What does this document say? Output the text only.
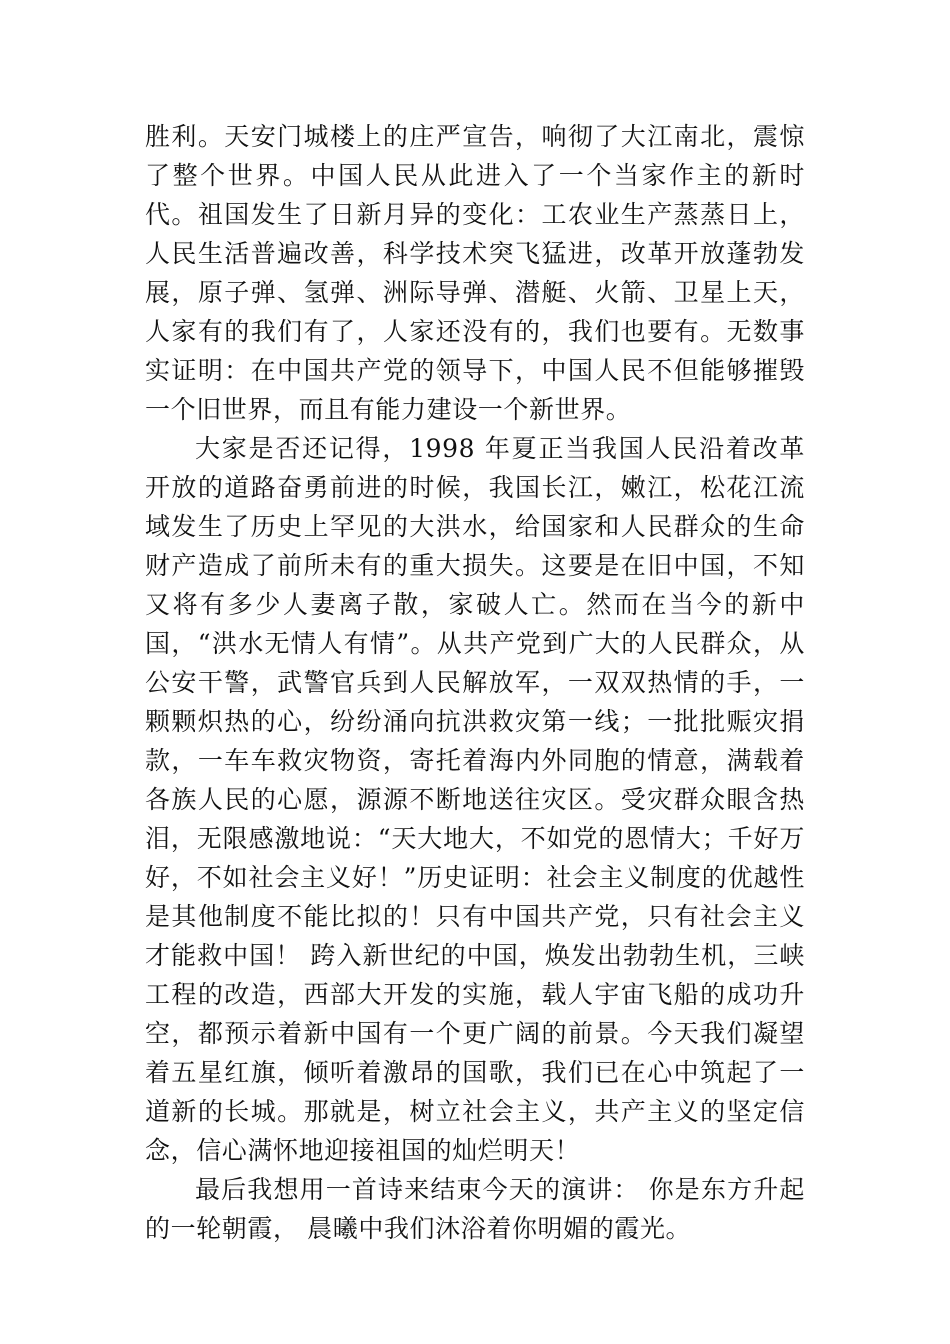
胜利。天安门城楼上的庄严宣告，响彻了大江南北，震惊了整个世界。中国人民从此进入了一个当家作主的新时代。祖国发生了日新月异的变化：工农业生产蒸蒸日上，人民生活普遍改善，科学技术突飞猛进，改革开放蓬勃发展，原子弹、氢弹、洲际导弹、潜艇、火箭、卫星上天，人家有的我们有了，人家还没有的，我们也要有。无数事实证明：在中国共产党的领导下，中国人民不但能够摧毁一个旧世界，而且有能力建设一个新世界。

大家是否还记得，1998 年夏正当我国人民沿着改革开放的道路奋勇前进的时候，我国长江，嫩江，松花江流域发生了历史上罕见的大洪水，给国家和人民群众的生命财产造成了前所未有的重大损失。这要是在旧中国，不知又将有多少人妻离子散，家破人亡。然而在当今的新中国，“洪水无情人有情”。从共产党到广大的人民群众，从公安干警，武警官兵到人民解放军，一双双热情的手，一颗颗炽热的心，纷纷涌向抗洪救灾第一线；一批批赈灾捐款，一车车救灾物资，寄托着海内外同胞的情意，满载着各族人民的心愿，源源不断地送往灾区。受灾群众眼含热泪，无限感激地说：“天大地大，不如党的恩情大；千好万好，不如社会主义好！”历史证明：社会主义制度的优越性是其他制度不能比拟的！只有中国共产党，只有社会主义才能救中国！ 跨入新世纪的中国，焕发出勃勃生机，三峡工程的改造，西部大开发的实施，载人宇宙飞船的成功升空，都预示着新中国有一个更广阔的前景。今天我们凝望着五星红旗，倾听着激昂的国歌，我们已在心中筑起了一道新的长城。那就是，树立社会主义，共产主义的坚定信念，信心满怀地迎接祖国的灿烂明天！

最后我想用一首诗来结束今天的演讲： 你是东方升起的一轮朝霞， 晨曦中我们沐浴着你明媚的霞光。
